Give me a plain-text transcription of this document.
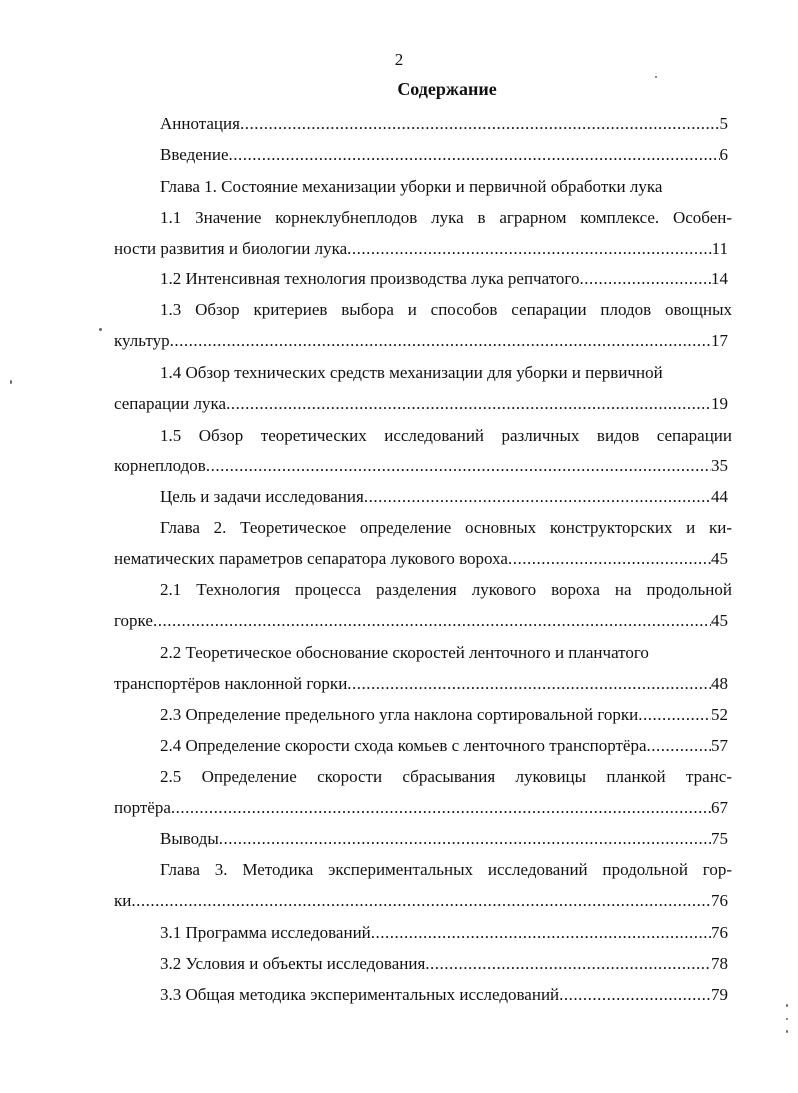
2
Содержание
Аннотация .....	5
Введение .....	6
Глава 1. Состояние механизации уборки и первичной обработки лука
1.1 Значение корнеклубнеплодов лука в аграрном комплексе. Особен-
ности развития и биологии лука .....	11
1.2 Интенсивная технология производства лука репчатого .....	14
1.3 Обзор критериев выбора и способов сепарации плодов овощных
культур .....	17
1.4 Обзор технических средств механизации для уборки и первичной
сепарации лука .....	19
1.5 Обзор теоретических исследований различных видов сепарации
корнеплодов .....	35
Цель и задачи исследования .....	44
Глава 2. Теоретическое определение основных конструкторских и ки-
нематических параметров сепаратора лукового вороха .....	45
2.1 Технология процесса разделения лукового вороха на продольной
горке .....	45
2.2 Теоретическое обоснование скоростей ленточного и планчатого
транспортёров наклонной горки .....	48
2.3 Определение предельного угла наклона сортировальной горки .....	52
2.4 Определение скорости схода комьев с ленточного транспортёра .....	57
2.5 Определение скорости сбрасывания луковицы планкой транс-
портёра .....	67
Выводы .....	75
Глава 3. Методика экспериментальных исследований продольной гор-
ки .....	76
3.1 Программа исследований .....	76
3.2 Условия и объекты исследования .....	78
3.3 Общая методика экспериментальных исследований .....	79
